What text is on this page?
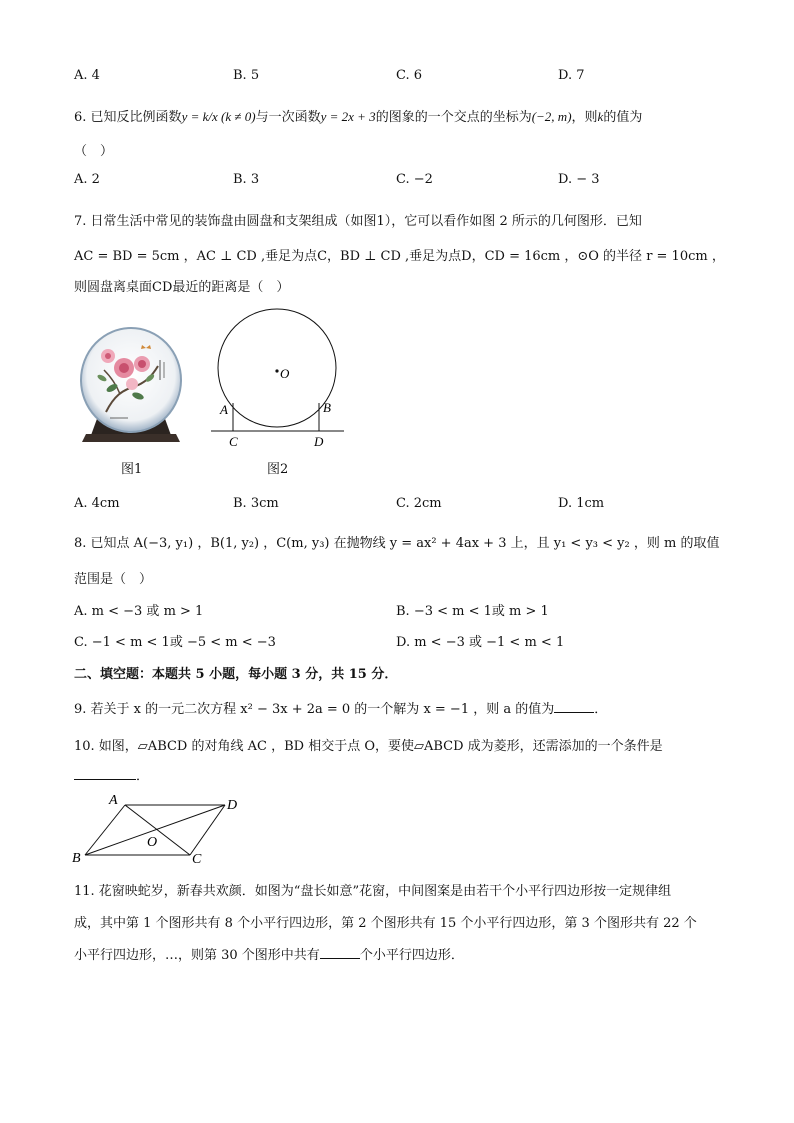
A. 4	B. 5	C. 6	D. 7
6. 已知反比例函数y = k/x (k ≠ 0)与一次函数y = 2x + 3的图象的一个交点的坐标为(−2, m)，则k的值为
（　）
A. 2	B. 3	C. −2	D. − 3
7. 日常生活中常见的装饰盘由圆盘和支架组成（如图1），它可以看作如图 2 所示的几何图形．已知
AC = BD = 5cm ，AC ⊥ CD ,垂足为点C，BD ⊥ CD ,垂足为点D，CD = 16cm ，⊙O 的半径 r = 10cm ，
则圆盘离桌面CD最近的距离是（　）
图1
O
A	B
C	D
图2
A. 4cm	B. 3cm	C. 2cm	D. 1cm
8. 已知点 A(−3, y₁) ，B(1, y₂) ，C(m, y₃) 在抛物线 y = ax² + 4ax + 3 上，且 y₁ < y₃ < y₂ ，则 m 的取值
范围是（　）
A. m < −3 或 m > 1	B. −3 < m < 1或 m > 1
C. −1 < m < 1或 −5 < m < −3	D. m < −3 或 −1 < m < 1
二、填空题：本题共 5 小题，每小题 3 分，共 15 分．
9. 若关于 x 的一元二次方程 x² − 3x + 2a = 0 的一个解为 x = −1 ，则 a 的值为	．
10. 如图，▱ABCD 的对角线 AC ，BD 相交于点 O，要使▱ABCD 成为菱形，还需添加的一个条件是
．
A	D
B	C
O
11. 花窗映蛇岁，新春共欢颜．如图为“盘长如意”花窗，中间图案是由若干个小平行四边形按一定规律组
成，其中第 1 个图形共有 8 个小平行四边形，第 2 个图形共有 15 个小平行四边形，第 3 个图形共有 22 个
小平行四边形，…，则第 30 个图形中共有	个小平行四边形．
